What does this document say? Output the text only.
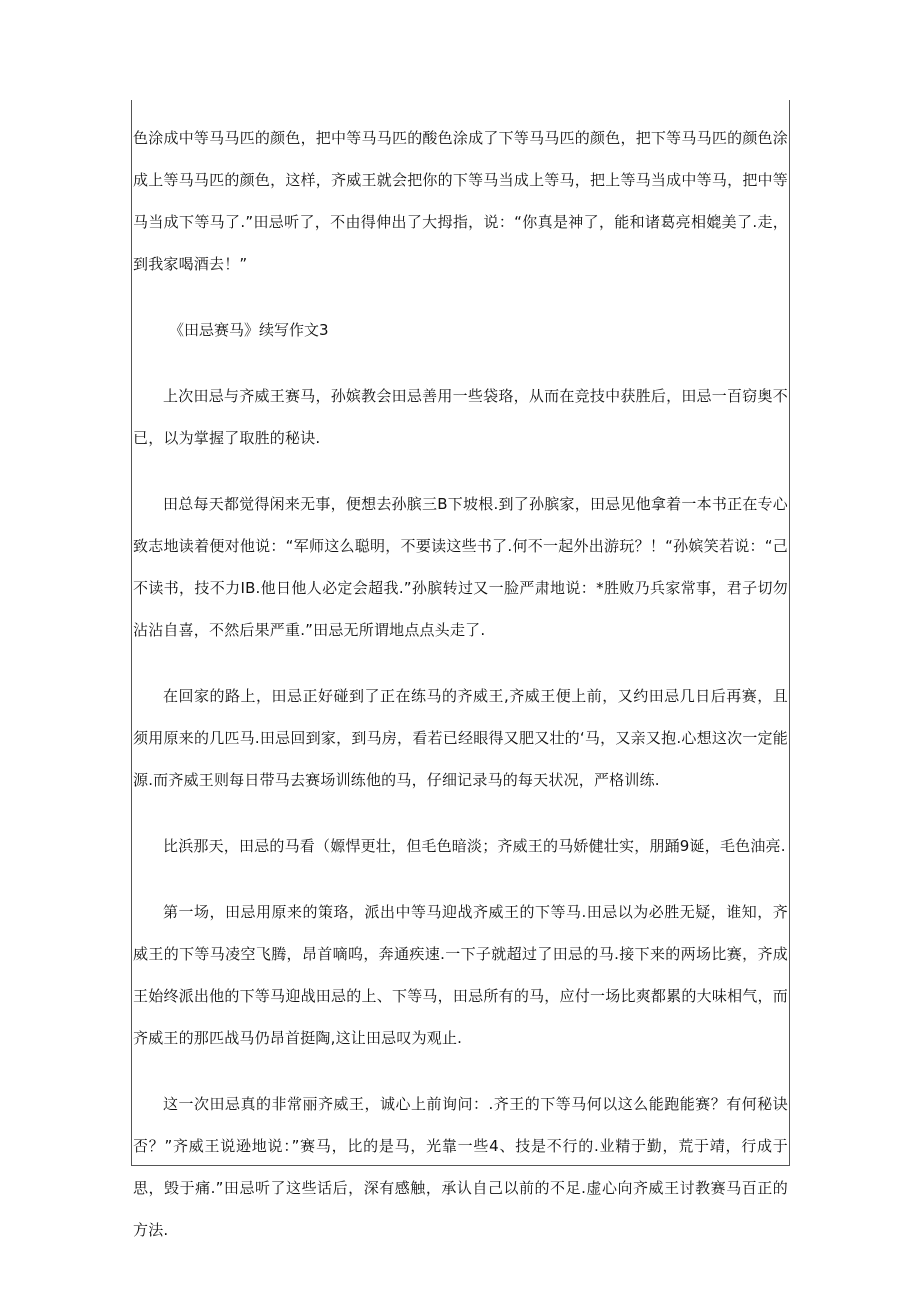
色涂成中等马马匹的颜色，把中等马马匹的酸色涂成了下等马马匹的颜色，把下等马马匹的颜色涂成上等马马匹的颜色，这样，齐威王就会把你的下等马当成上等马，把上等马当成中等马，把中等马当成下等马了.”田忌听了，不由得伸出了大拇指，说：“你真是神了，能和诸葛亮相媲美了.走，到我家喝酒去！”

《田忌赛马》续写作文3

上次田忌与齐威王赛马，孙嫔教会田忌善用一些袋珞，从而在竞技中获胜后，田忌一百窃奥不已，以为掌握了取胜的秘诀.

田总每天都觉得闲来无事，便想去孙膑三B下坡根.到了孙膑家，田忌见他拿着一本书正在专心致志地读着便对他说：“军师这么聪明，不要读这些书了.何不一起外出游玩？！“孙嫔笑若说：“己不读书，技不力IB.他日他人必定会超我.”孙膑转过又一脸严肃地说：*胜败乃兵家常事，君子切勿沾沾自喜，不然后果严重.”田忌无所谓地点点头走了.

在回家的路上，田忌正好碰到了正在练马的齐威王,齐威王便上前，又约田忌几日后再赛，且须用原来的几匹马.田忌回到家，到马房，看若已经眼得又肥又壮的‘马，又亲又抱.心想这次一定能源.而齐威王则每日带马去赛场训练他的马，仔细记录马的每天状况，严格训练.

比浜那天，田忌的马看（嫄悍更壮，但毛色暗淡；齐威王的马娇健壮实，朋踊9诞，毛色油亮.

第一场，田忌用原来的策珞，派出中等马迎战齐威王的下等马.田忌以为必胜无疑，谁知，齐威王的下等马凌空飞腾，昂首嘀呜，奔通疾速.一下子就超过了田忌的马.接下来的两场比赛，齐成王始终派出他的下等马迎战田忌的上、下等马，田忌所有的马，应付一场比爽都累的大味相气，而齐威王的那匹战马仍昂首挺陶,这让田忌叹为观止.

这一次田忌真的非常丽齐威王，诚心上前询问：.齐王的下等马何以这么能跑能赛？有何秘诀否？”齐威王说逊地说：”赛马，比的是马，光靠一些4、技是不行的.业精于勤，荒于靖，行成于思，毁于痛.”田忌听了这些话后，深有感触，承认自己以前的不足.虚心向齐威王讨教赛马百正的方法.
